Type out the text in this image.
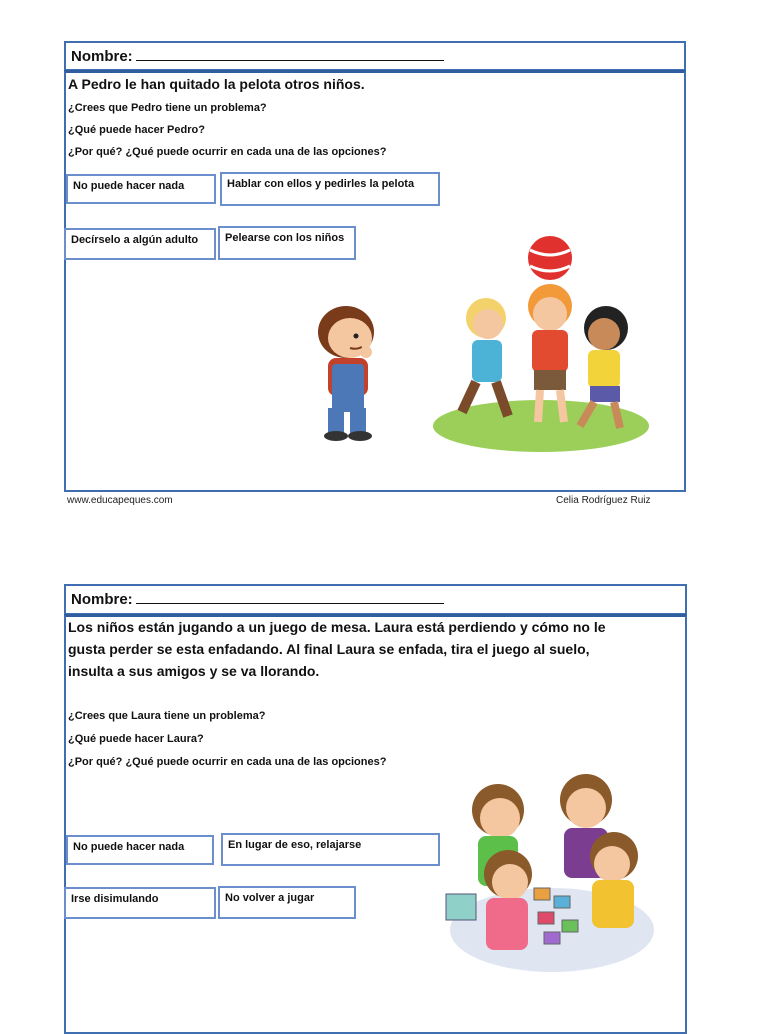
Nombre:
A Pedro le han quitado la pelota otros niños.
¿Crees que Pedro tiene un problema?
¿Qué puede hacer Pedro?
¿Por qué? ¿Qué puede ocurrir en cada una de las opciones?
No puede hacer nada	Hablar con ellos y pedirles la pelota
Decírselo a algún adulto	Pelearse con los niños
www.educapeques.com	Celia Rodríguez Ruiz
Nombre:
Los niños están jugando a un juego de mesa. Laura está perdiendo y cómo no le
gusta perder se esta enfadando. Al final Laura se enfada, tira el juego al suelo,
insulta a sus amigos y se va llorando.
¿Crees que Laura tiene un problema?
¿Qué puede hacer Laura?
¿Por qué? ¿Qué puede ocurrir en cada una de las opciones?
No puede hacer nada	En lugar de eso, relajarse
Irse disimulando	No volver a jugar
